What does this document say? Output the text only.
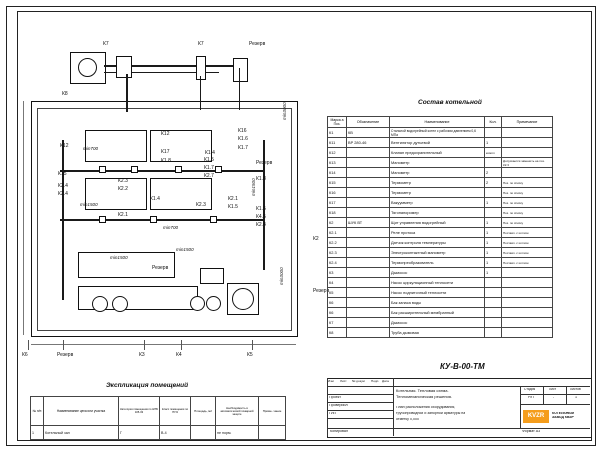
К7	К7	Резерв
К8
min700
min1500
min700
min1500
min1500
min3000
min1500
min3000
К12
К12	К16
К1.6
К17
К1.7
К15
К1.8
К2.4
К1.4
К2.3
К2.1
К1.5
К2.2
К1.7
К2.7
К4.5
К2.4
К1.5
К2.4
К1.8
К2
Резерв
К2.3
К1.4	К2.1
К1.5
Резерв
Резерв
К6	Резерв	К3	К4	К5
Состав котельной
Марка а Поз.	Обозначение	Наименование	Кол.	Примечание
К1	КВ	Стальной водогрейный котел с рабочим давлением 0,6 МПа		
К11	ВР 280-46	Вентилятор дутьевой	1	
К12		Клапан предохранительный	компл	
К13		Манометр		Допускается заменить на поз. К2.3
К14		Манометр	2	
К15		Термометр	2	Поз. по списку
К16		Термометр		Поз. по списку
К17		Вакуумметр	1	Поз. по списку
К18		Тягонапоромер		Поз. по списку
К2	ШУК ВТ	Щит управления водогрейный	1	Поз. по списку
К2.1		Реле протока	1	Поставл. с котлом
К2.2		Датчик контроля температуры	1	Поставл. с котлом
К2.3		Электроконтактный манометр	1	Поставл. с котлом
К2.4		Термопреобразователь	1	Поставл. с котлом
К3		Дымосос	1	
К4		Насос циркуляционный теплосети		
К5		Насос подпиточный теплосети		
К6		Бак запаса воды		
К6		Бак расширительный мембранный		
К7		Дымосос		
К8		Труба дымовая		
Экспликация помещений
№ п/п	Наименование цеха или участка	Категория помещения по НПБ 105-03	Класс помещения по ПУЭ	Площадь, м2	Необходимость в автоматической пожарной защите	Приме- чание
1	Котельный зал	Г	В-4		не норм.	
КУ-В-00-ТМ
Изм Лист № докум Подп. Дата
Проект.
Провериил
ГИП
Котельная. Тепловая схема.
Тепломеханическая решения.
План расположения оборудования,
трубопроводной и запорной арматуры на
отметку 0,000
Стадия	Лист	Листов
Р/П	-	1
KVZR КОТЕЛЬНЫЙ
ЗАВОД КВЗР
Копировал	Формат А3
